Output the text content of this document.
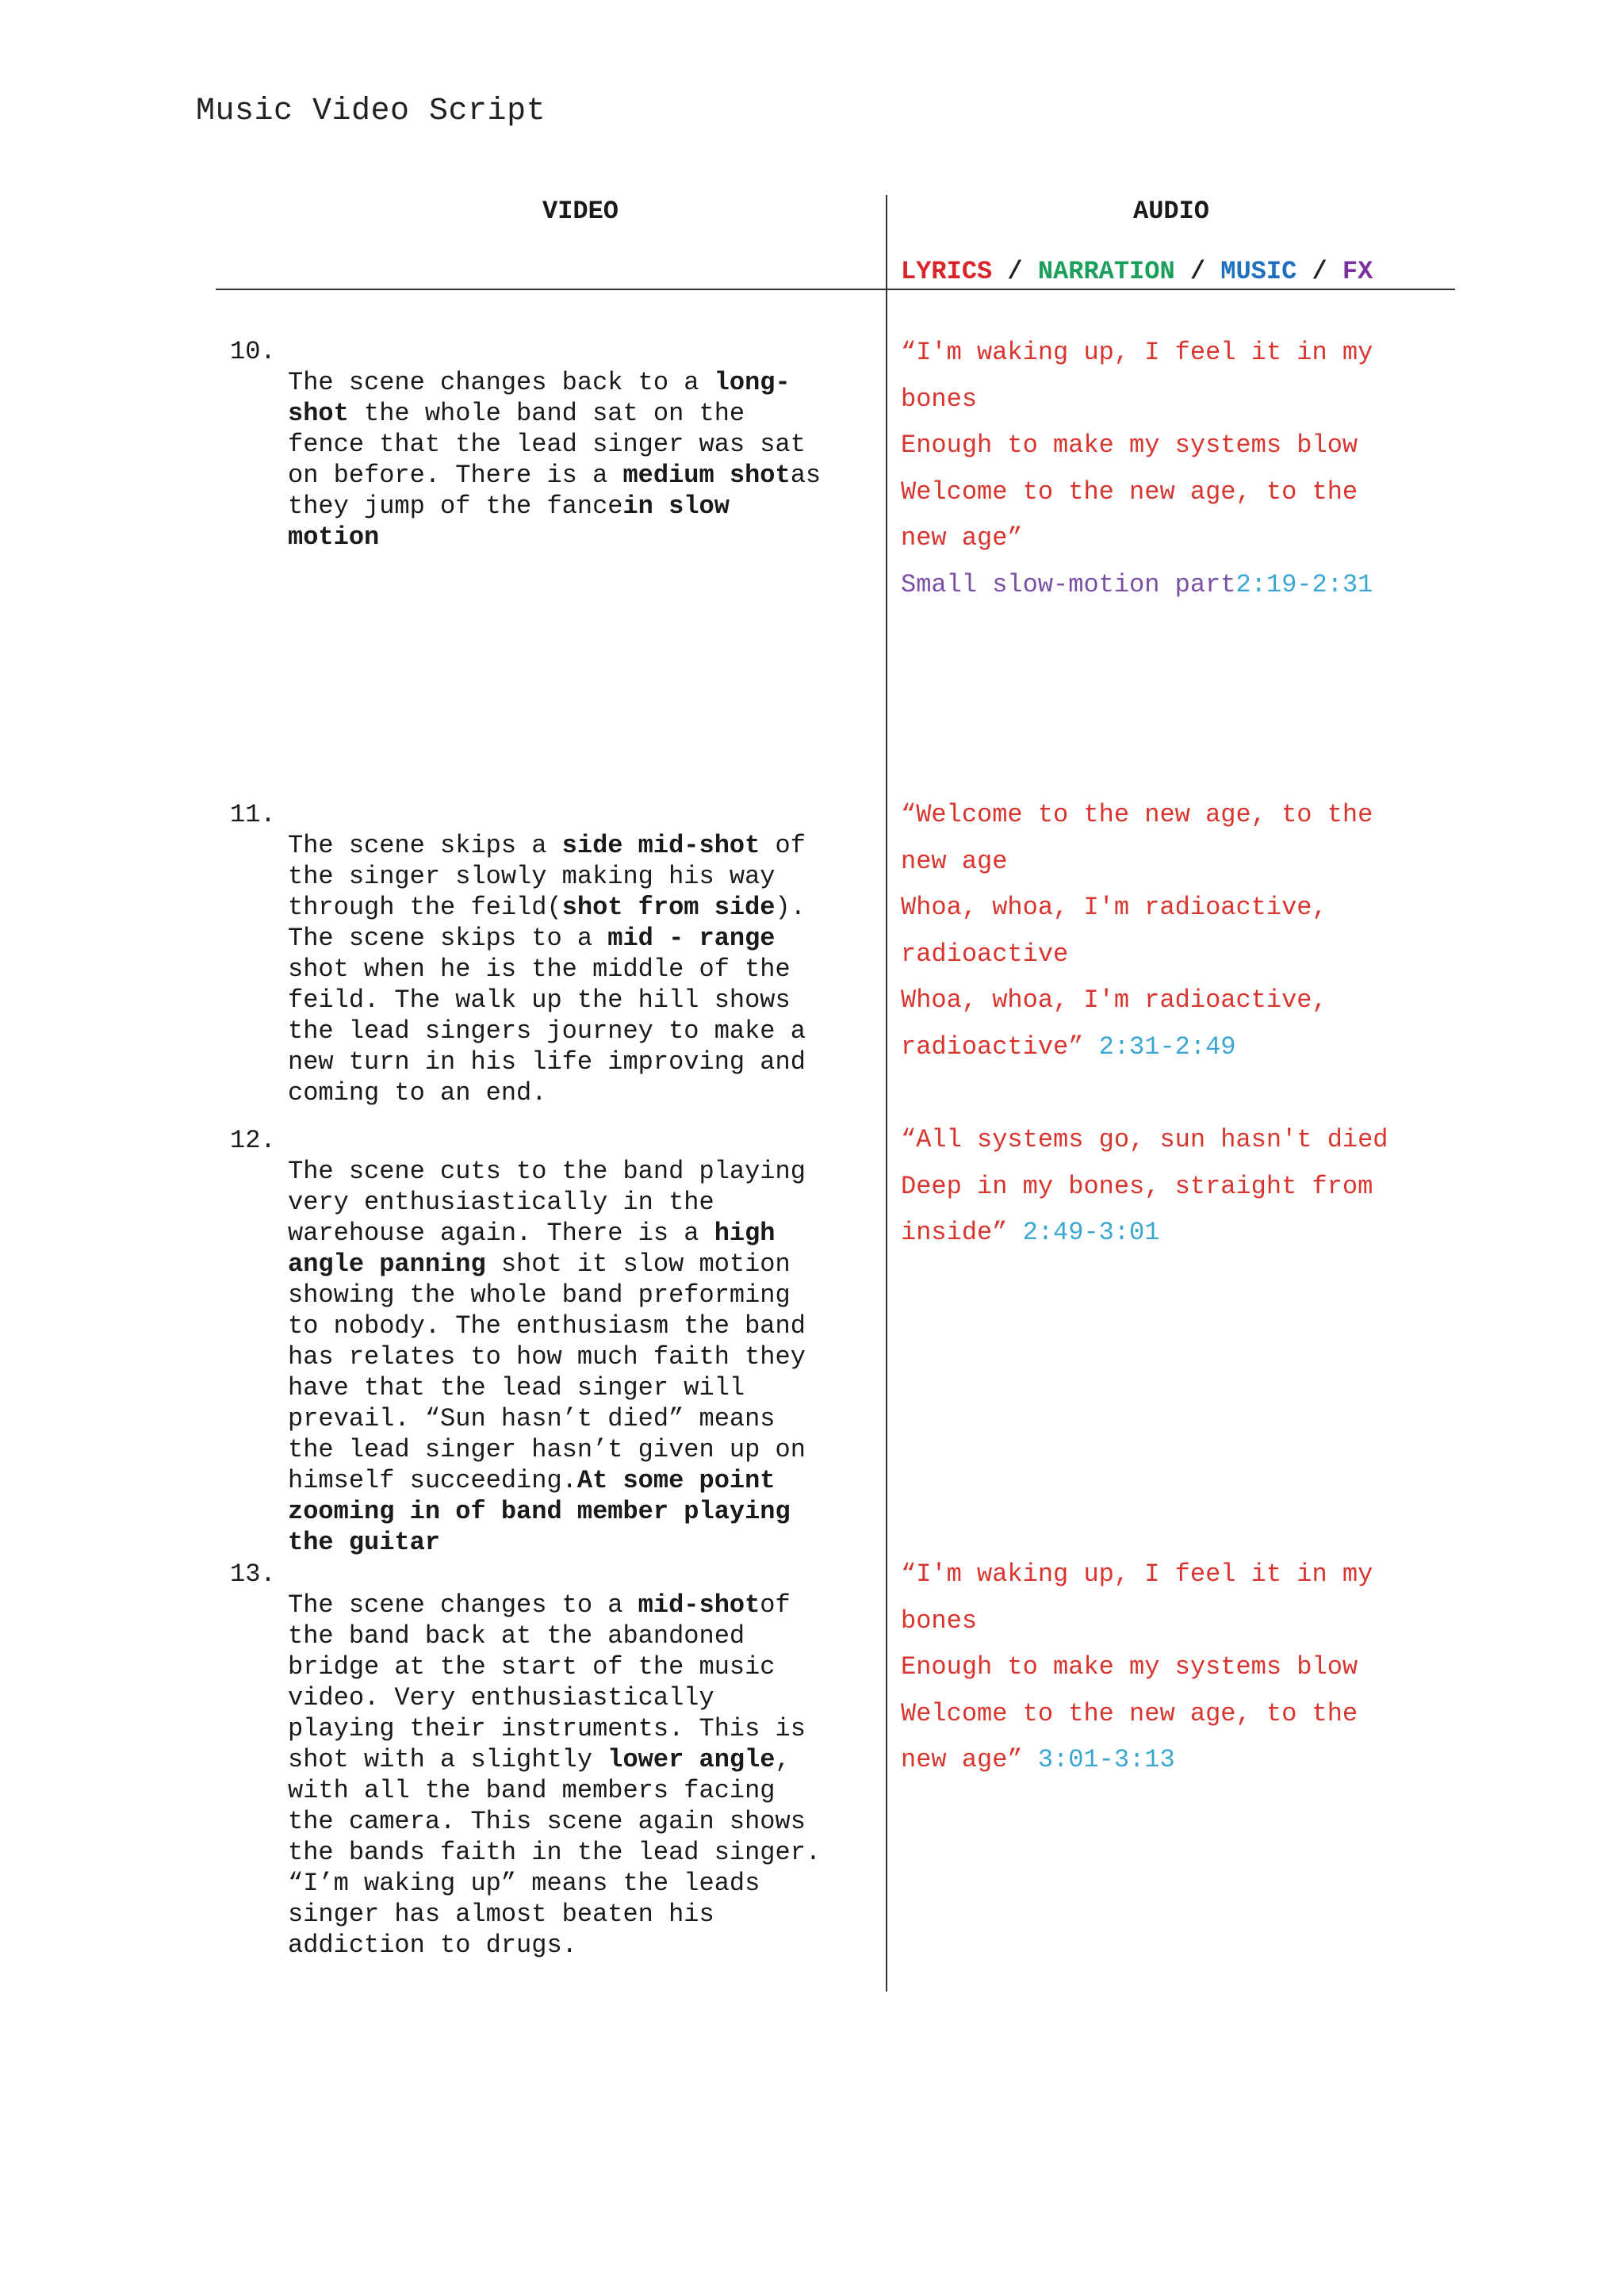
Music Video Script
VIDEO	AUDIO
LYRICS / NARRATION / MUSIC / FX
10.

The scene changes back to a long-
shot the whole band sat on the
fence that the lead singer was sat
on before. There is a medium shotas
they jump of the fancein slow
motion

“I'm waking up, I feel it in my
bones
Enough to make my systems blow
Welcome to the new age, to the
new age”
Small slow-motion part2:19-2:31
11.

The scene skips a side mid-shot of
the singer slowly making his way
through the feild(shot from side).
The scene skips to a mid - range
shot when he is the middle of the
feild. The walk up the hill shows
the lead singers journey to make a
new turn in his life improving and
coming to an end.

“Welcome to the new age, to the
new age
Whoa, whoa, I'm radioactive,
radioactive
Whoa, whoa, I'm radioactive,
radioactive” 2:31-2:49
12.

The scene cuts to the band playing
very enthusiastically in the
warehouse again. There is a high
angle panning shot it slow motion
showing the whole band preforming
to nobody. The enthusiasm the band
has relates to how much faith they
have that the lead singer will
prevail. “Sun hasn’t died” means
the lead singer hasn’t given up on
himself succeeding.At some point
zooming in of band member playing
the guitar

“All systems go, sun hasn't died
Deep in my bones, straight from
inside” 2:49-3:01
13.

The scene changes to a mid-shotof
the band back at the abandoned
bridge at the start of the music
video. Very enthusiastically
playing their instruments. This is
shot with a slightly lower angle,
with all the band members facing
the camera. This scene again shows
the bands faith in the lead singer.
“I’m waking up” means the leads
singer has almost beaten his
addiction to drugs.

“I'm waking up, I feel it in my
bones
Enough to make my systems blow
Welcome to the new age, to the
new age” 3:01-3:13
